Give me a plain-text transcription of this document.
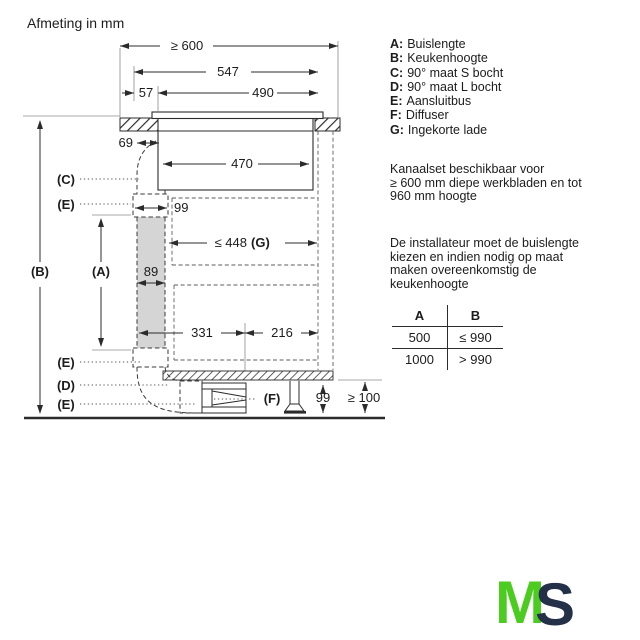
Afmeting in mm
≥ 600
547
57	490
69
470
99
≤ 448 (G)
89
331	216
99 ≥ 100
(C)
(E)
(B)	(A)
(E)
(D)
(E)	(F)
A: Buislengte
B: Keukenhoogte
C: 90° maat S bocht
D: 90° maat L bocht
E: Aansluitbus
F: Diffuser
G: Ingekorte lade
Kanaalset beschikbaar voor
≥ 600 mm diepe werkbladen en tot
960 mm hoogte
De installateur moet de buislengte
kiezen en indien nodig op maat
maken overeenkomstig de
keukenhoogte
A	B
500	≤ 990
1000	> 990
M
S
